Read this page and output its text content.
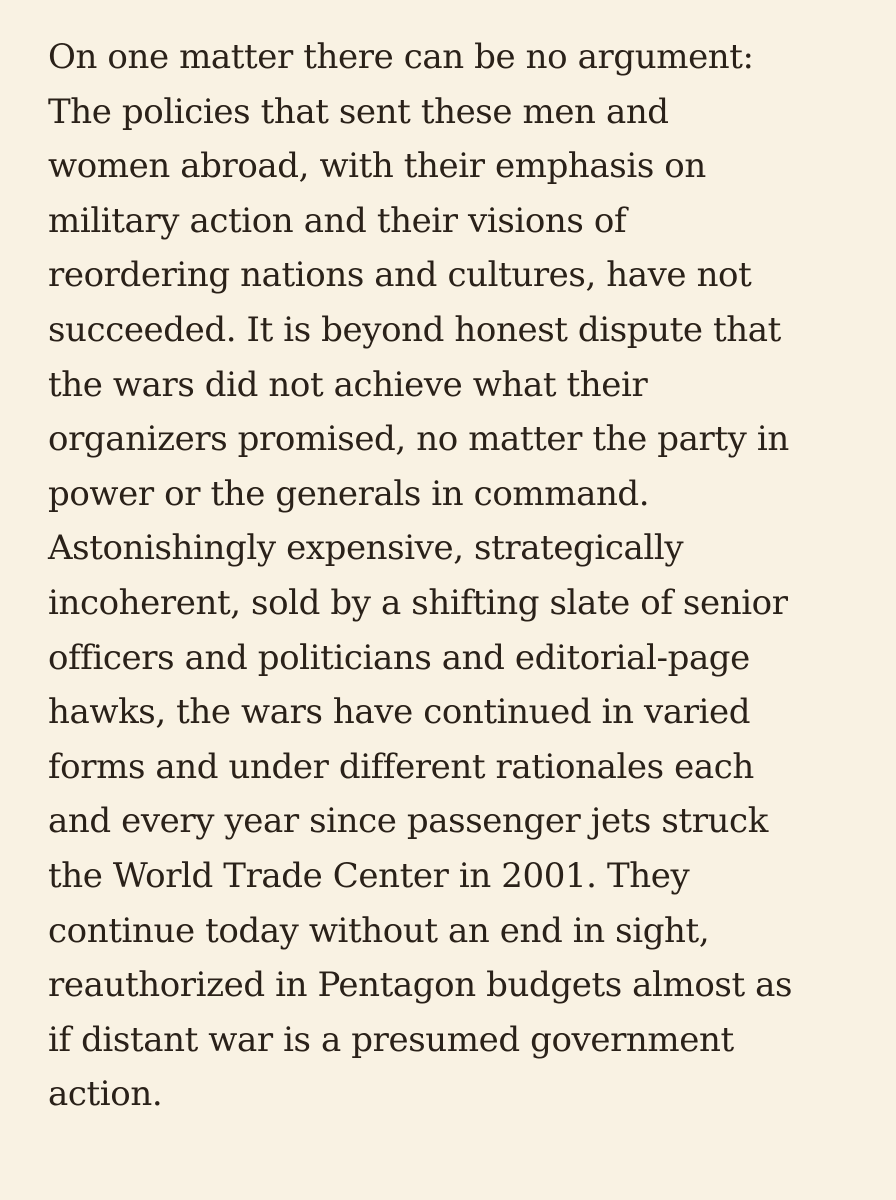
On one matter there can be no argument:
The policies that sent these men and
women abroad, with their emphasis on
military action and their visions of
reordering nations and cultures, have not
succeeded. It is beyond honest dispute that
the wars did not achieve what their
organizers promised, no matter the party in
power or the generals in command.
Astonishingly expensive, strategically
incoherent, sold by a shifting slate of senior
officers and politicians and editorial-page
hawks, the wars have continued in varied
forms and under different rationales each
and every year since passenger jets struck
the World Trade Center in 2001. They
continue today without an end in sight,
reauthorized in Pentagon budgets almost as
if distant war is a presumed government
action.
